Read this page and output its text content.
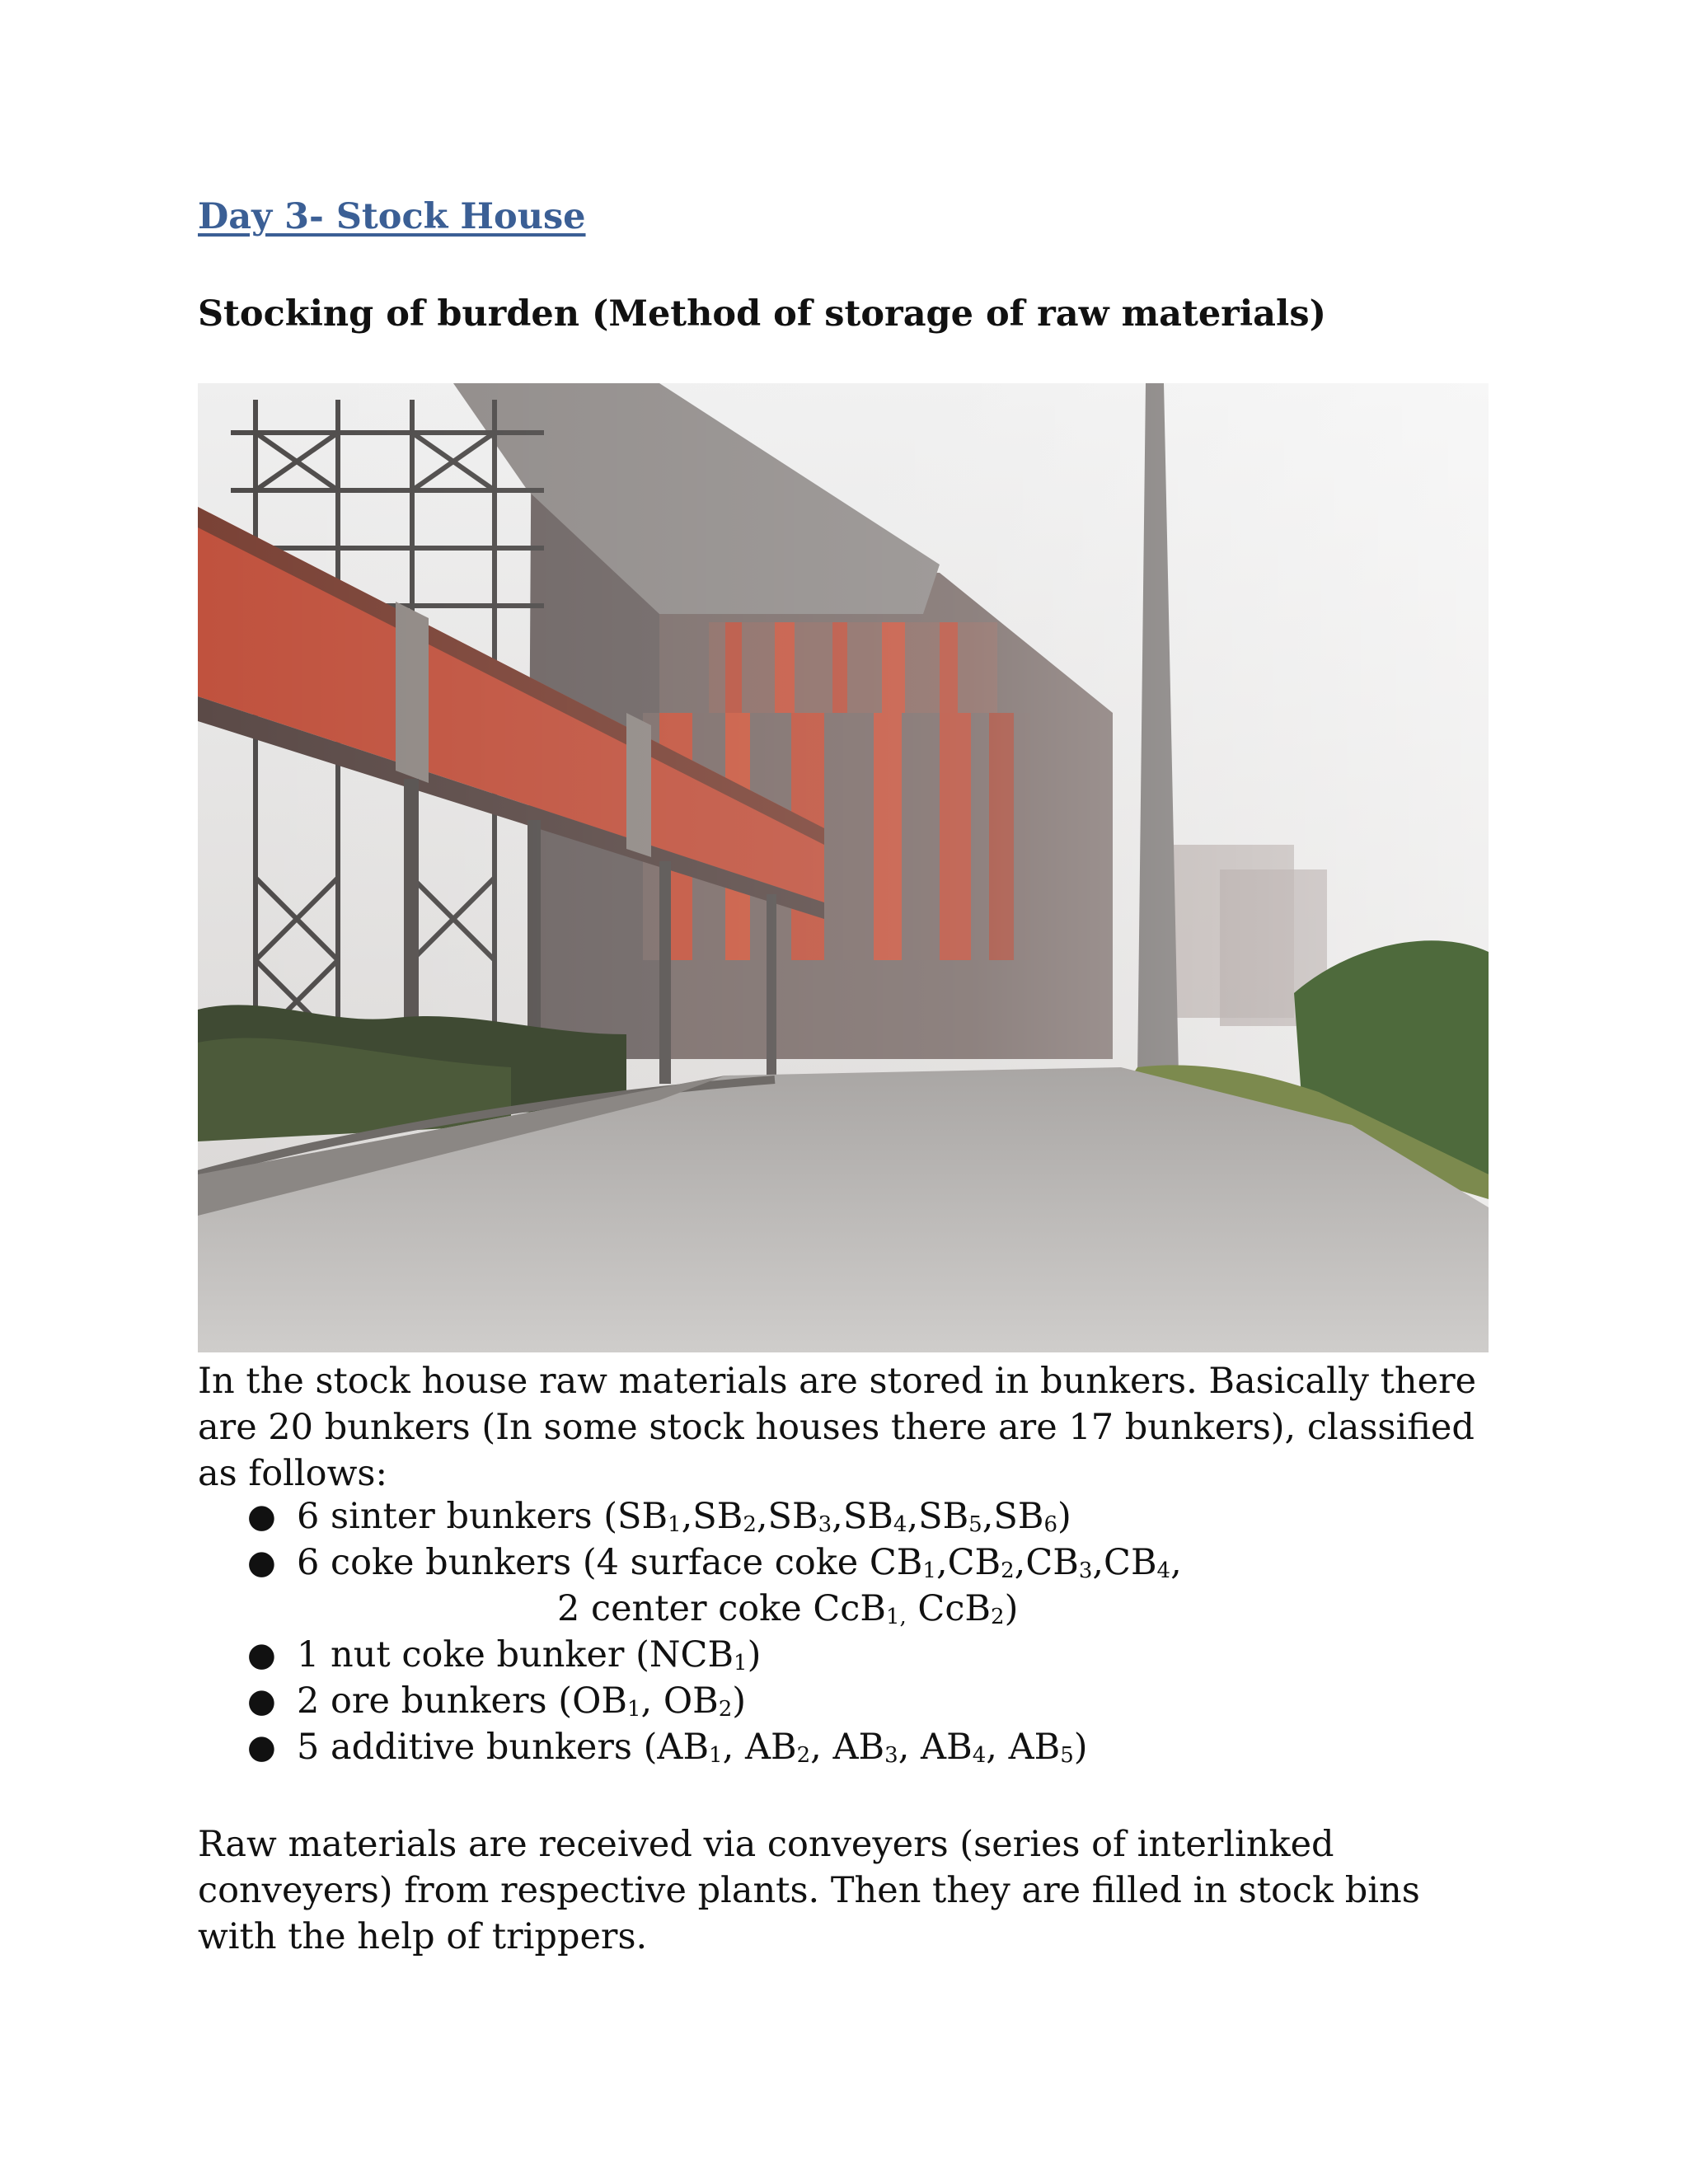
Day 3- Stock House
Stocking of burden (Method of storage of raw materials)

In the stock house raw materials are stored in bunkers. Basically there are 20 bunkers (In some stock houses there are 17 bunkers), classified as follows:

● 6 sinter bunkers $(SB_1,SB_2,SB_3,SB_4,SB_5,SB_6)$
● 6 coke bunkers (4 surface coke $CB_1,CB_2,CB_3,CB_4$,
2 center coke CcB$_{1,}$ CcB$_2$)
● 1 nut coke bunker $(NCB_1)$
● 2 ore bunkers ($OB_1$, $OB_2$)
● 5 additive bunkers ($AB_1$, $AB_2$, $AB_3$, $AB_4$, $AB_5$)

Raw materials are received via conveyers (series of interlinked conveyers) from respective plants. Then they are filled in stock bins with the help of trippers.
